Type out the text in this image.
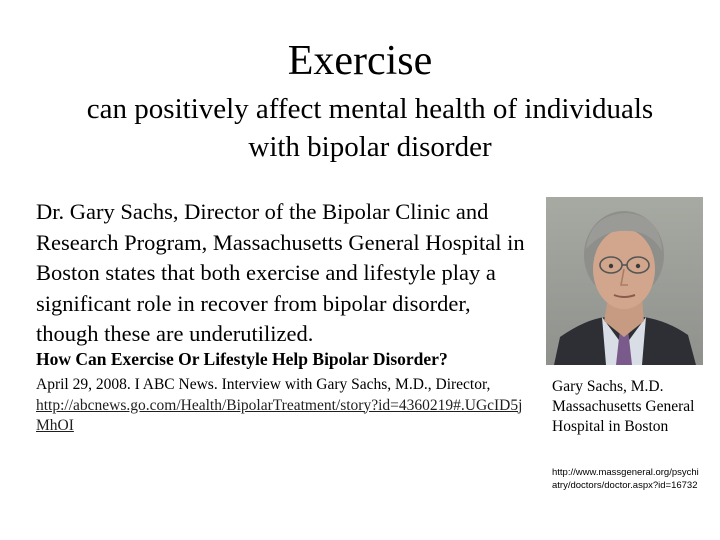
Exercise
can positively affect mental health of individuals with bipolar disorder
Dr. Gary Sachs, Director of the Bipolar Clinic and Research Program, Massachusetts General Hospital in Boston states that both exercise and lifestyle play a significant role in recover from bipolar disorder, though these are underutilized.
How Can Exercise Or Lifestyle Help Bipolar Disorder?
April 29, 2008. I ABC News. Interview with Gary Sachs, M.D., Director,
http://abcnews.go.com/Health/BipolarTreatment/story?id=4360219#.UGcID5jMhOI
Gary Sachs, M.D. Massachusetts General Hospital in Boston
http://www.massgeneral.org/psychiatry/doctors/doctor.aspx?id=16732
